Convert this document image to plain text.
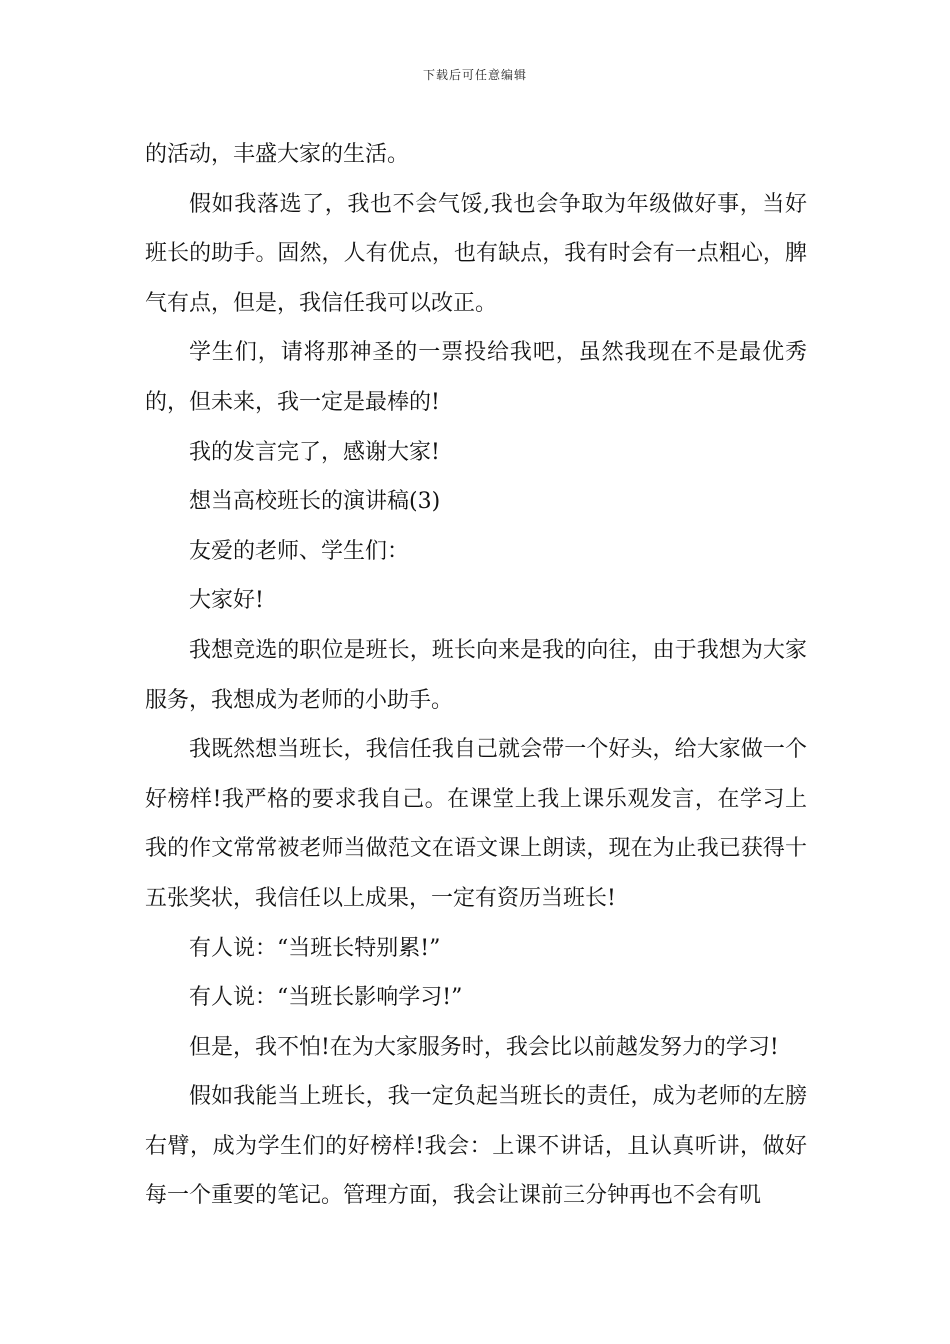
下载后可任意编辑

的活动，丰盛大家的生活。

假如我落选了，我也不会气馁,我也会争取为年级做好事，当好班长的助手。固然，人有优点，也有缺点，我有时会有一点粗心，脾气有点，但是，我信任我可以改正。

学生们，请将那神圣的一票投给我吧，虽然我现在不是最优秀的，但未来，我一定是最棒的!

我的发言完了，感谢大家!

想当高校班长的演讲稿(3)

友爱的老师、学生们：

大家好!

我想竞选的职位是班长，班长向来是我的向往，由于我想为大家服务，我想成为老师的小助手。

我既然想当班长，我信任我自己就会带一个好头，给大家做一个好榜样!我严格的要求我自己。在课堂上我上课乐观发言，在学习上我的作文常常被老师当做范文在语文课上朗读，现在为止我已获得十五张奖状，我信任以上成果，一定有资历当班长!

有人说：“当班长特别累!”

有人说：“当班长影响学习!”

但是，我不怕!在为大家服务时，我会比以前越发努力的学习!

假如我能当上班长，我一定负起当班长的责任，成为老师的左膀右臂，成为学生们的好榜样!我会：上课不讲话，且认真听讲，做好每一个重要的笔记。管理方面，我会让课前三分钟再也不会有叽
